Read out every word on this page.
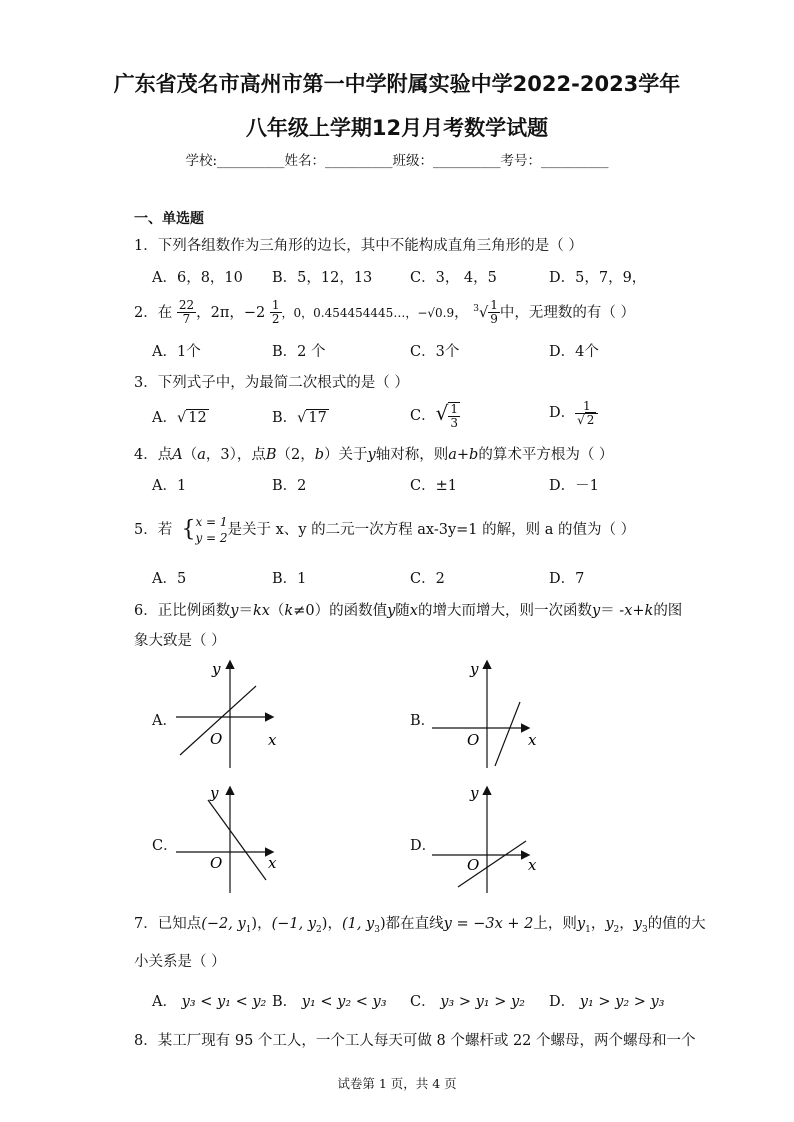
广东省茂名市高州市第一中学附属实验中学2022-2023学年
八年级上学期12月月考数学试题
学校:__________姓名：__________班级：__________考号：__________
一、单选题
1．下列各组数作为三角形的边长，其中不能构成直角三角形的是（ ）
A．6，8，10 B．5，12，13	C．3， 4，5	D．5，7，9，
2．在 $\frac{22}{7}$ ，2π，$-2 \frac{1}{2}$ ，0，0.454454445…，−√0.9， $^3√ \frac{1}{9}$ 中，无理数的有（ ）
A．1个	B．2 个	C．3个	D．4个
3．下列式子中，为最简二次根式的是（ ）
A．√ 12	B．√ 17	C．√ $\frac{1}{3}$	D． $\frac{1}{√ 2}$
4．点A（a，3），点B（2，b）关于y轴对称，则a+b的算术平方根为（ ）
A．1	B．2	C．±1	D．－1
5．若 { x = 1
y = 2 是关于 x、y 的二元一次方程 ax-3y=1 的解，则 a 的值为（ ）
A．5	B．1	C．2	D．7
6．正比例函数y＝kx（k≠0）的函数值y随x的增大而增大，则一次函数y＝ -x+k的图
象大致是（ ）
A．	B．
C．	D．
y
x
O
y
x
O
y
x
O
y
x
O
7．已知点(−2, $y_1$)，(−1, $y_2$)，(1, $y_3$)都在直线y = −3x + 2上，则$y_1$，$y_2$，$y_3$的值的大
小关系是（ ）
A． y₃ < y₁ < y₂ B． y₁ < y₂ < y₃ C． y₃ > y₁ > y₂ D． y₁ > y₂ > y₃
8．某工厂现有 95 个工人，一个工人每天可做 8 个螺杆或 22 个螺母，两个螺母和一个
试卷第 1 页，共 4 页
